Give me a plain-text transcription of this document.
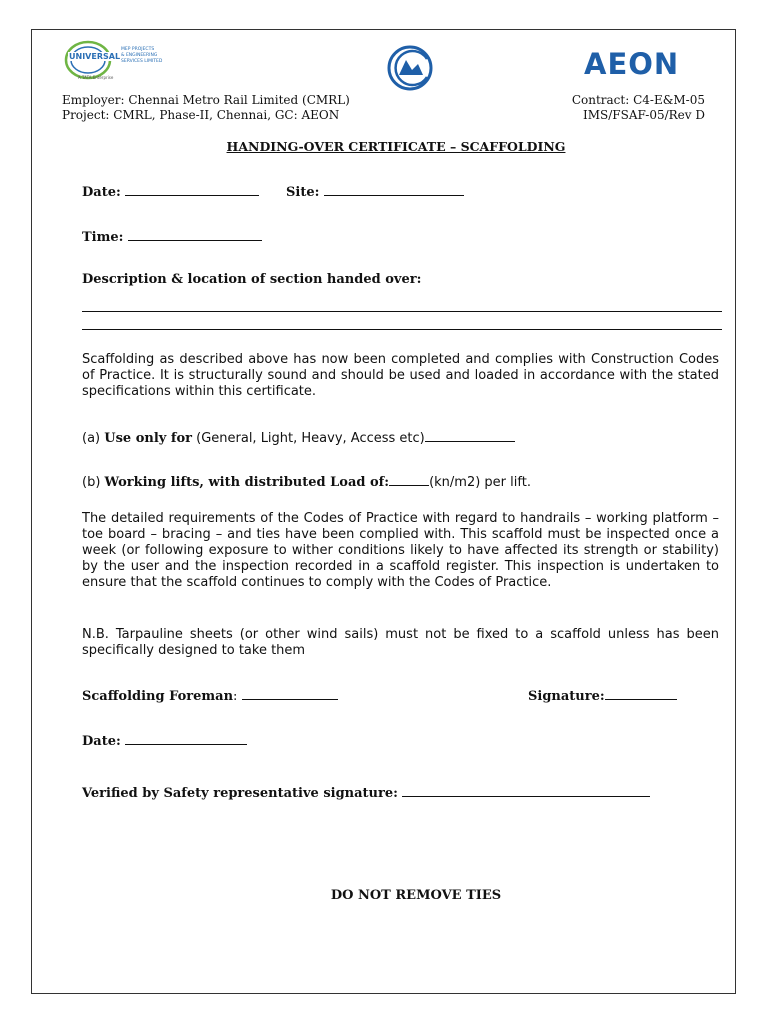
UNIVERSAL
MEP PROJECTS
& ENGINEERING
SERVICES LIMITED
A TATA Enterprise	AEON
Employer: Chennai Metro Rail Limited (CMRL)
Project: CMRL, Phase-II, Chennai, GC: AEON
Contract: C4-E&M-05
IMS/FSAF-05/Rev D
HANDING-OVER CERTIFICATE – SCAFFOLDING
Date:	Site:
Time:
Description & location of section handed over:
Scaffolding as described above has now been completed and complies with Construction Codes of Practice. It is structurally sound and should be used and loaded in accordance with the stated specifications within this certificate.
(a) Use only for (General, Light, Heavy, Access etc)
(b) Working lifts, with distributed Load of:	(kn/m2) per lift.
The detailed requirements of the Codes of Practice with regard to handrails – working platform – toe board – bracing – and ties have been complied with. This scaffold must be inspected once a week (or following exposure to wither conditions likely to have affected its strength or stability) by the user and the inspection recorded in a scaffold register. This inspection is undertaken to ensure that the scaffold continues to comply with the Codes of Practice.
N.B. Tarpauline sheets (or other wind sails) must not be fixed to a scaffold unless has been specifically designed to take them
Scaffolding Foreman:	Signature:
Date:
Verified by Safety representative signature:
DO NOT REMOVE TIES
